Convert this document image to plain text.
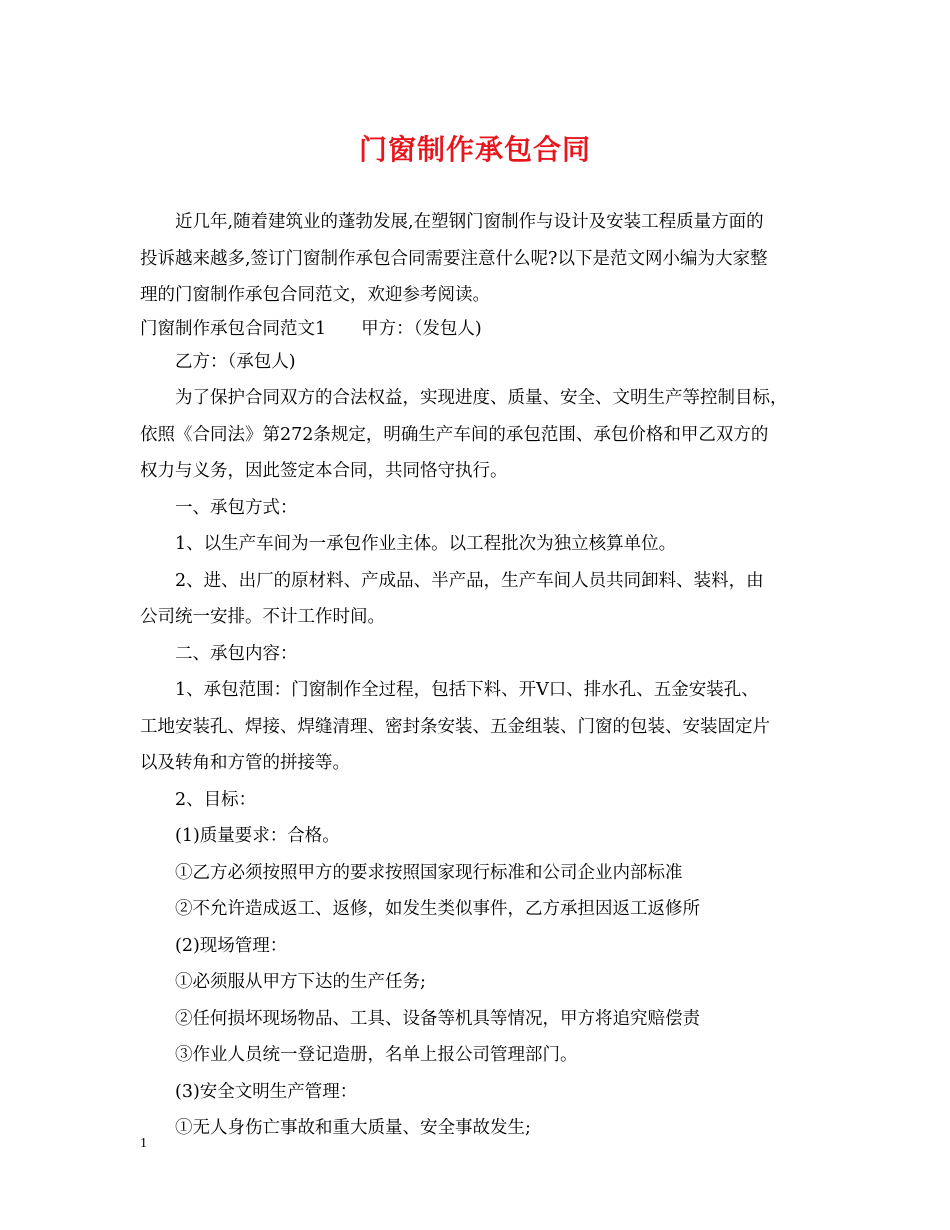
门窗制作承包合同

近几年,随着建筑业的蓬勃发展,在塑钢门窗制作与设计及安装工程质量方面的

投诉越来越多,签订门窗制作承包合同需要注意什么呢?以下是范文网小编为大家整

理的门窗制作承包合同范文，欢迎参考阅读。

门窗制作承包合同范文1　　甲方：（发包人)

乙方：（承包人)

为了保护合同双方的合法权益，实现进度、质量、安全、文明生产等控制目标，

依照《合同法》第272条规定，明确生产车间的承包范围、承包价格和甲乙双方的

权力与义务，因此签定本合同，共同恪守执行。

一、承包方式：

1、以生产车间为一承包作业主体。以工程批次为独立核算单位。

2、进、出厂的原材料、产成品、半产品，生产车间人员共同卸料、装料，由

公司统一安排。不计工作时间。

二、承包内容：

1、承包范围：门窗制作全过程，包括下料、开V口、排水孔、五金安装孔、

工地安装孔、焊接、焊缝清理、密封条安装、五金组装、门窗的包装、安装固定片

以及转角和方管的拼接等。

2、目标：

(1)质量要求：合格。

①乙方必须按照甲方的要求按照国家现行标准和公司企业内部标准

②不允许造成返工、返修，如发生类似事件，乙方承担因返工返修所

(2)现场管理：

①必须服从甲方下达的生产任务;

②任何损坏现场物品、工具、设备等机具等情况，甲方将追究赔偿责

③作业人员统一登记造册，名单上报公司管理部门。

(3)安全文明生产管理：

①无人身伤亡事故和重大质量、安全事故发生;

1
